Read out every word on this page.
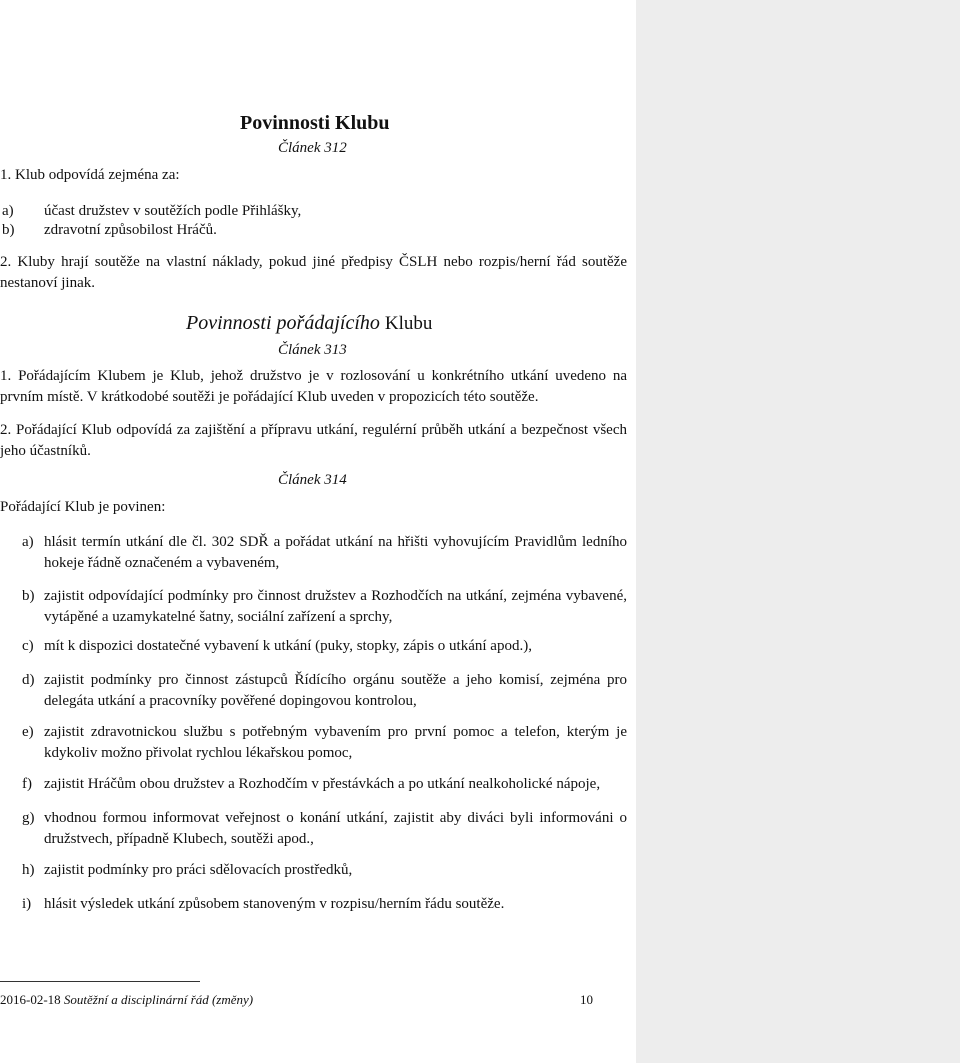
Povinnosti Klubu
Článek 312
1. Klub odpovídá zejména za:
a) účast družstev v soutěžích podle Přihlášky,
b) zdravotní způsobilost Hráčů.
2. Kluby hrají soutěže na vlastní náklady, pokud jiné předpisy ČSLH nebo rozpis/herní řád soutěže nestanoví jinak.
Povinnosti pořádajícího Klubu
Článek 313
1. Pořádajícím Klubem je Klub, jehož družstvo je v rozlosování u konkrétního utkání uvedeno na prvním místě. V krátkodobé soutěži je pořádající Klub uveden v propozicích této soutěže.
2. Pořádající Klub odpovídá za zajištění a přípravu utkání, regulérní průběh utkání a bezpečnost všech jeho účastníků.
Článek 314
Pořádající Klub je povinen:
a) hlásit termín utkání dle čl. 302 SDŘ a pořádat utkání na hřišti vyhovujícím Pravidlům ledního hokeje řádně označeném a vybaveném,
b) zajistit odpovídající podmínky pro činnost družstev a Rozhodčích na utkání, zejména vybavené, vytápěné a uzamykatelné šatny, sociální zařízení a sprchy,
c) mít k dispozici dostatečné vybavení k utkání (puky, stopky, zápis o utkání apod.),
d) zajistit podmínky pro činnost zástupců Řídícího orgánu soutěže a jeho komisí, zejména pro delegáta utkání a pracovníky pověřené dopingovou kontrolou,
e) zajistit zdravotnickou službu s potřebným vybavením pro první pomoc a telefon, kterým je kdykoliv možno přivolat rychlou lékařskou pomoc,
f) zajistit Hráčům obou družstev a Rozhodčím v přestávkách a po utkání nealkoholické nápoje,
g) vhodnou formou informovat veřejnost o konání utkání, zajistit aby diváci byli informováni o družstvech, případně Klubech, soutěži apod.,
h) zajistit podmínky pro práci sdělovacích prostředků,
i) hlásit výsledek utkání způsobem stanoveným v rozpisu/herním řádu soutěže.
2016-02-18 Soutěžní a disciplinární řád (změny)	10
